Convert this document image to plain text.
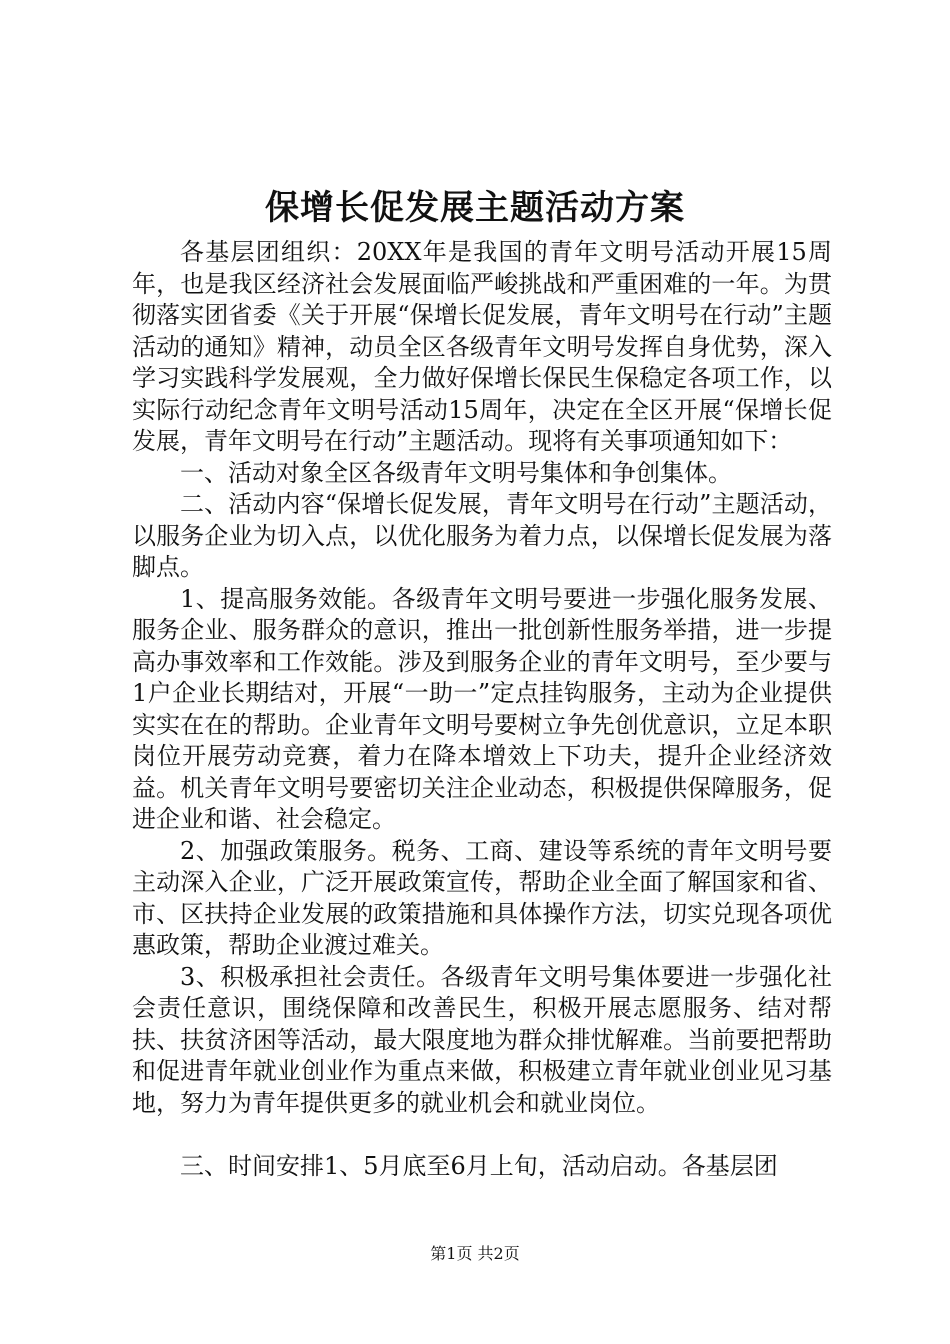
保增长促发展主题活动方案

各基层团组织：20XX年是我国的青年文明号活动开展15周年，也是我区经济社会发展面临严峻挑战和严重困难的一年。为贯彻落实团省委《关于开展“保增长促发展，青年文明号在行动”主题活动的通知》精神，动员全区各级青年文明号发挥自身优势，深入学习实践科学发展观，全力做好保增长保民生保稳定各项工作，以实际行动纪念青年文明号活动15周年，决定在全区开展“保增长促发展，青年文明号在行动”主题活动。现将有关事项通知如下：

一、活动对象全区各级青年文明号集体和争创集体。

二、活动内容“保增长促发展，青年文明号在行动”主题活动，以服务企业为切入点，以优化服务为着力点，以保增长促发展为落脚点。

1、提高服务效能。各级青年文明号要进一步强化服务发展、服务企业、服务群众的意识，推出一批创新性服务举措，进一步提高办事效率和工作效能。涉及到服务企业的青年文明号，至少要与1户企业长期结对，开展“一助一”定点挂钩服务，主动为企业提供实实在在的帮助。企业青年文明号要树立争先创优意识，立足本职岗位开展劳动竞赛，着力在降本增效上下功夫，提升企业经济效益。机关青年文明号要密切关注企业动态，积极提供保障服务，促进企业和谐、社会稳定。

2、加强政策服务。税务、工商、建设等系统的青年文明号要主动深入企业，广泛开展政策宣传，帮助企业全面了解国家和省、市、区扶持企业发展的政策措施和具体操作方法，切实兑现各项优惠政策，帮助企业渡过难关。

3、积极承担社会责任。各级青年文明号集体要进一步强化社会责任意识，围绕保障和改善民生，积极开展志愿服务、结对帮扶、扶贫济困等活动，最大限度地为群众排忧解难。当前要把帮助和促进青年就业创业作为重点来做，积极建立青年就业创业见习基地，努力为青年提供更多的就业机会和就业岗位。

三、时间安排1、5月底至6月上旬，活动启动。各基层团

第1页 共2页
